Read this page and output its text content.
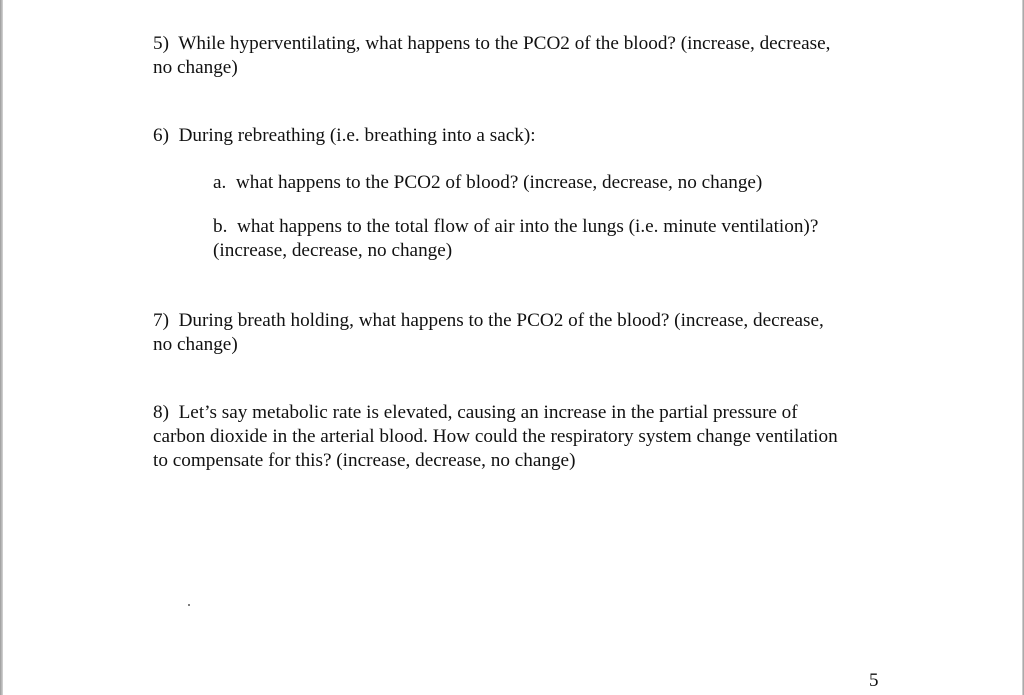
5) While hyperventilating, what happens to the PCO2 of the blood? (increase, decrease,
no change)
6) During rebreathing (i.e. breathing into a sack):
a. what happens to the PCO2 of blood? (increase, decrease, no change)
b. what happens to the total flow of air into the lungs (i.e. minute ventilation)?
(increase, decrease, no change)
7) During breath holding, what happens to the PCO2 of the blood? (increase, decrease,
no change)
8) Let’s say metabolic rate is elevated, causing an increase in the partial pressure of
carbon dioxide in the arterial blood. How could the respiratory system change ventilation
to compensate for this? (increase, decrease, no change)
5
